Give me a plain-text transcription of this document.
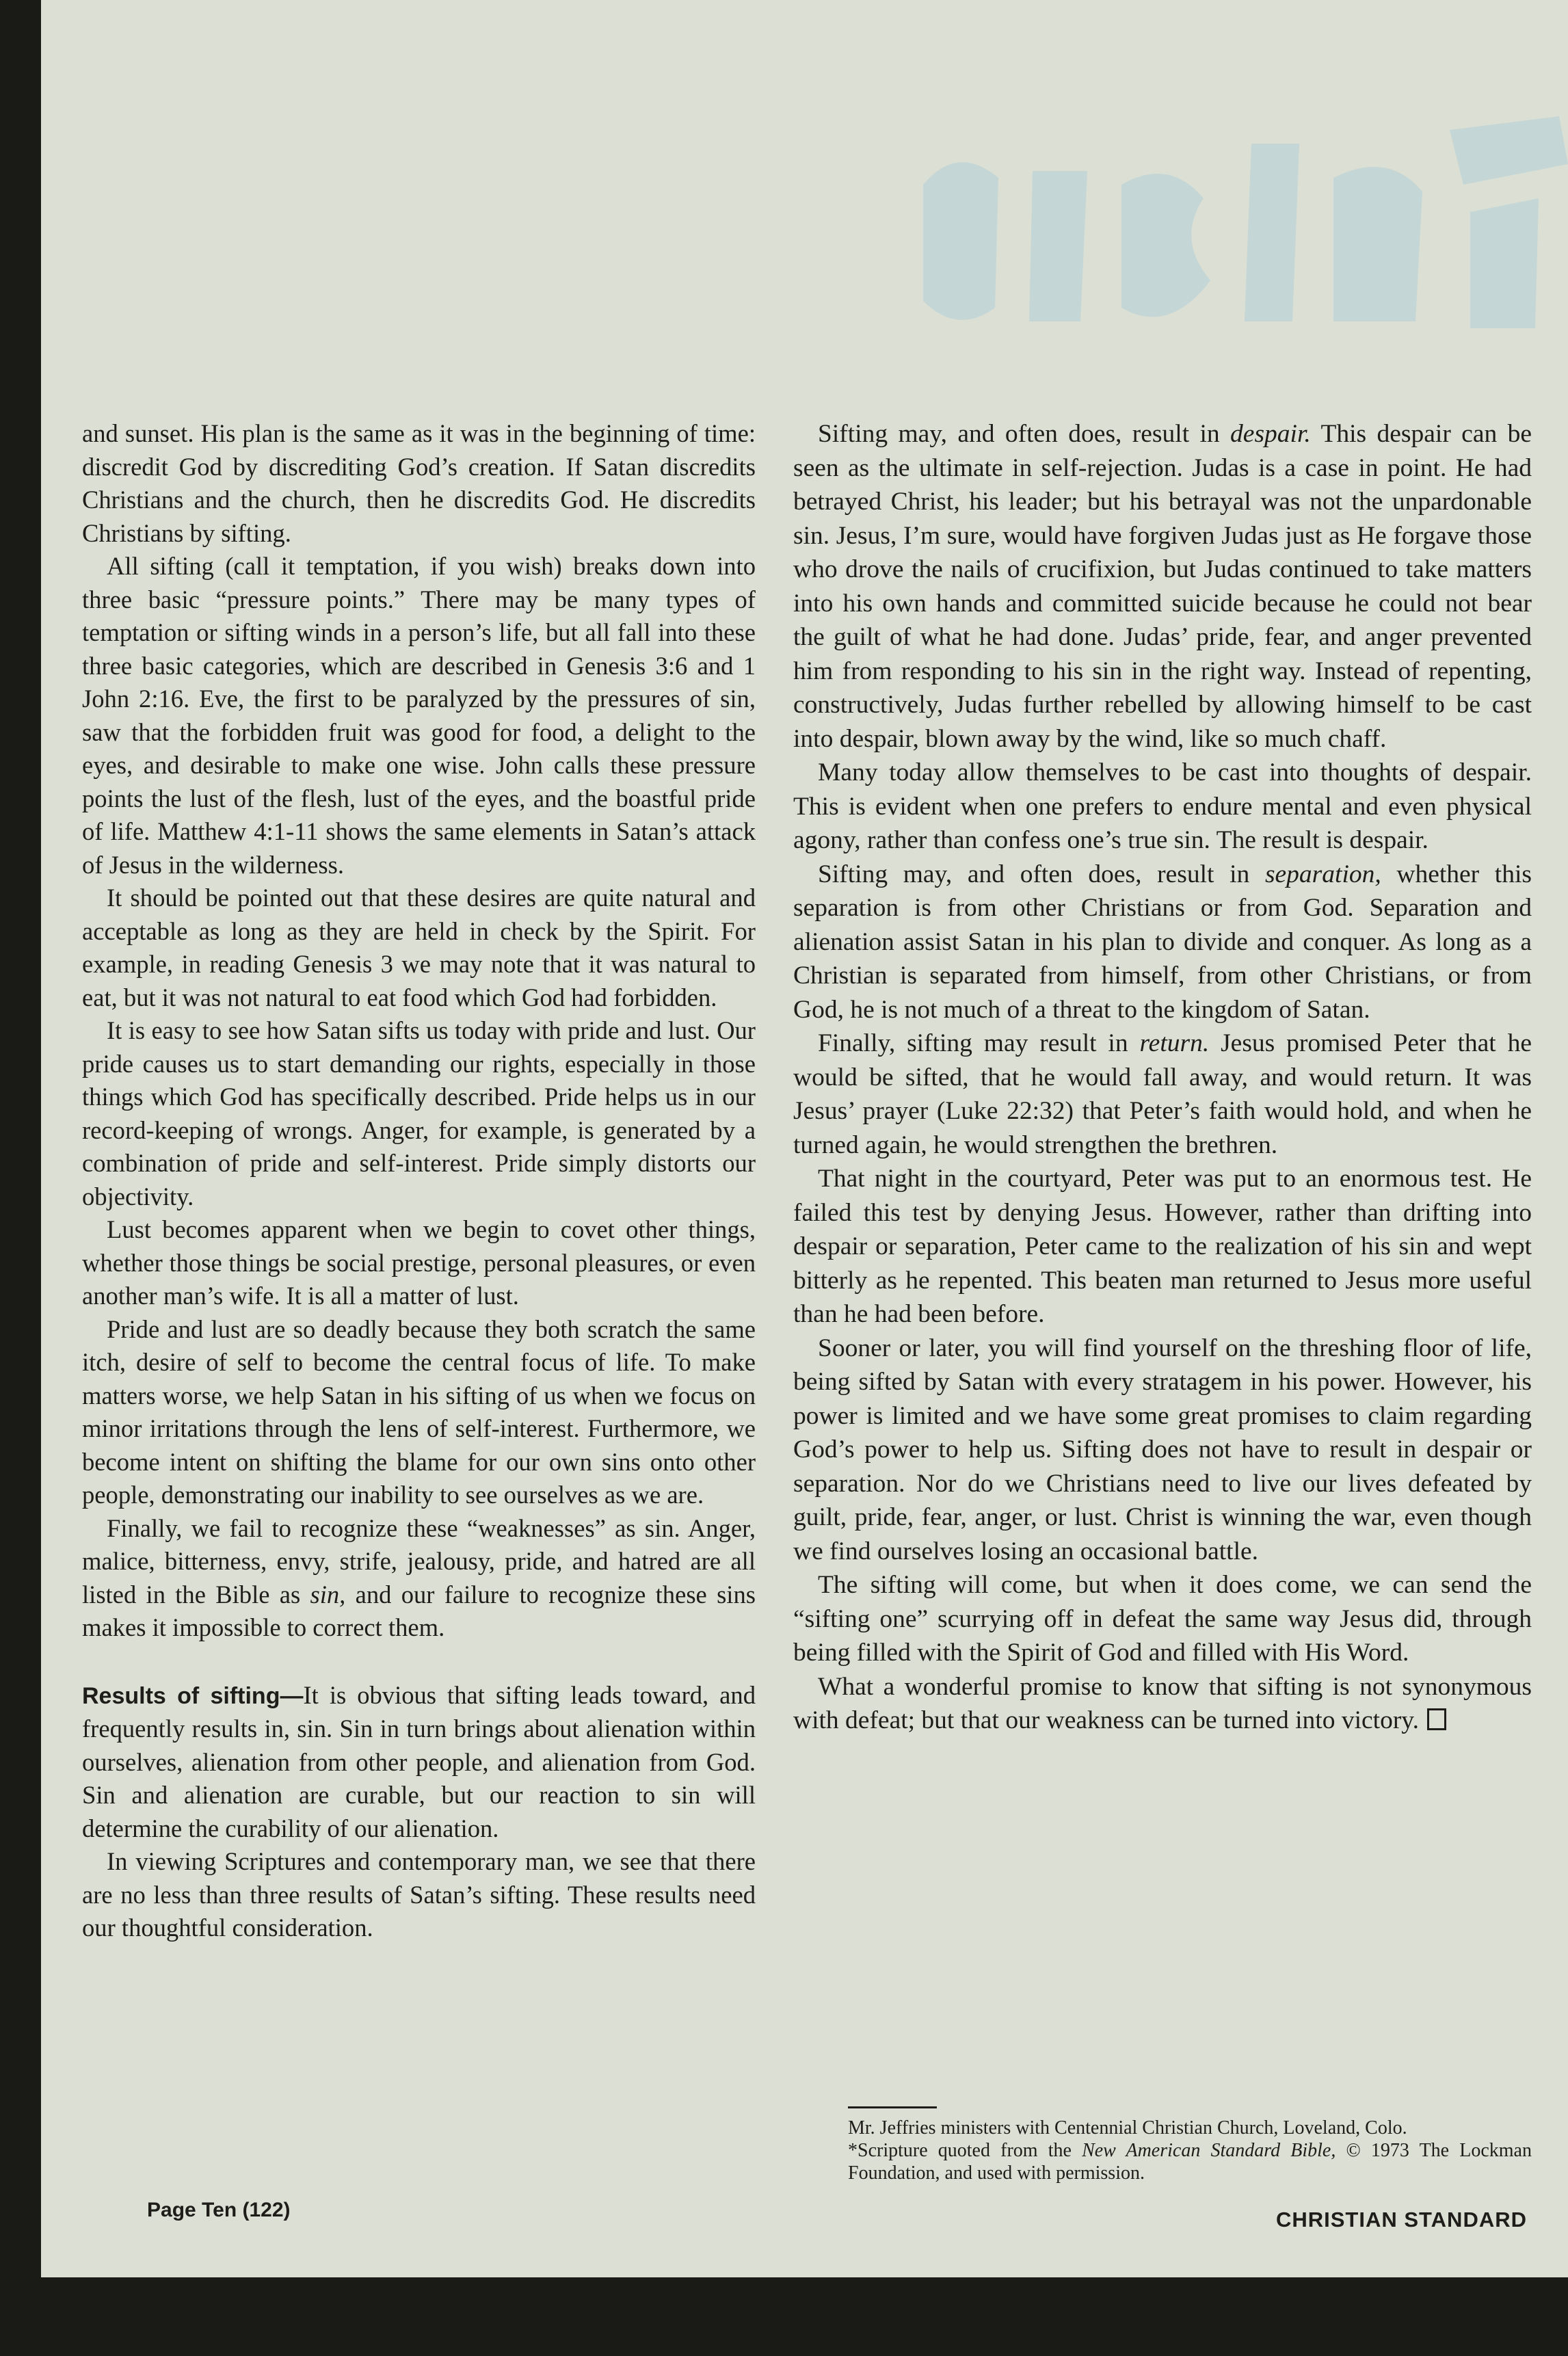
and sunset. His plan is the same as it was in the beginning of time: discredit God by discrediting God’s creation. If Satan discredits Christians and the church, then he discredits God. He discredits Christians by sifting.

All sifting (call it temptation, if you wish) breaks down into three basic “pressure points.” There may be many types of temptation or sifting winds in a person’s life, but all fall into these three basic categories, which are described in Genesis 3:6 and 1 John 2:16. Eve, the first to be paralyzed by the pressures of sin, saw that the forbidden fruit was good for food, a delight to the eyes, and desirable to make one wise. John calls these pressure points the lust of the flesh, lust of the eyes, and the boastful pride of life. Matthew 4:1-11 shows the same elements in Satan’s attack of Jesus in the wilderness.

It should be pointed out that these desires are quite natural and acceptable as long as they are held in check by the Spirit. For example, in reading Genesis 3 we may note that it was natural to eat, but it was not natural to eat food which God had forbidden.

It is easy to see how Satan sifts us today with pride and lust. Our pride causes us to start demanding our rights, especially in those things which God has specifically described. Pride helps us in our record-keeping of wrongs. Anger, for example, is generated by a combination of pride and self-interest. Pride simply distorts our objectivity.

Lust becomes apparent when we begin to covet other things, whether those things be social prestige, personal pleasures, or even another man’s wife. It is all a matter of lust.

Pride and lust are so deadly because they both scratch the same itch, desire of self to become the central focus of life. To make matters worse, we help Satan in his sifting of us when we focus on minor irritations through the lens of self-interest. Furthermore, we become intent on shifting the blame for our own sins onto other people, demonstrating our inability to see ourselves as we are.

Finally, we fail to recognize these “weaknesses” as sin. Anger, malice, bitterness, envy, strife, jealousy, pride, and hatred are all listed in the Bible as sin, and our failure to recognize these sins makes it impossible to correct them.

Results of sifting—It is obvious that sifting leads toward, and frequently results in, sin. Sin in turn brings about alienation within ourselves, alienation from other people, and alienation from God. Sin and alienation are curable, but our reaction to sin will determine the curability of our alienation.

In viewing Scriptures and contemporary man, we see that there are no less than three results of Satan’s sifting. These results need our thoughtful consideration.

Sifting may, and often does, result in despair. This despair can be seen as the ultimate in self-rejection. Judas is a case in point. He had betrayed Christ, his leader; but his betrayal was not the unpardonable sin. Jesus, I’m sure, would have forgiven Judas just as He forgave those who drove the nails of crucifixion, but Judas continued to take matters into his own hands and committed suicide because he could not bear the guilt of what he had done. Judas’ pride, fear, and anger prevented him from responding to his sin in the right way. Instead of repenting, constructively, Judas further rebelled by allowing himself to be cast into despair, blown away by the wind, like so much chaff.

Many today allow themselves to be cast into thoughts of despair. This is evident when one prefers to endure mental and even physical agony, rather than confess one’s true sin. The result is despair.

Sifting may, and often does, result in separation, whether this separation is from other Christians or from God. Separation and alienation assist Satan in his plan to divide and conquer. As long as a Christian is separated from himself, from other Christians, or from God, he is not much of a threat to the kingdom of Satan.

Finally, sifting may result in return. Jesus promised Peter that he would be sifted, that he would fall away, and would return. It was Jesus’ prayer (Luke 22:32) that Peter’s faith would hold, and when he turned again, he would strengthen the brethren.

That night in the courtyard, Peter was put to an enormous test. He failed this test by denying Jesus. However, rather than drifting into despair or separation, Peter came to the realization of his sin and wept bitterly as he repented. This beaten man returned to Jesus more useful than he had been before.

Sooner or later, you will find yourself on the threshing floor of life, being sifted by Satan with every stratagem in his power. However, his power is limited and we have some great promises to claim regarding God’s power to help us. Sifting does not have to result in despair or separation. Nor do we Christians need to live our lives defeated by guilt, pride, fear, anger, or lust. Christ is winning the war, even though we find ourselves losing an occasional battle.

The sifting will come, but when it does come, we can send the “sifting one” scurrying off in defeat the same way Jesus did, through being filled with the Spirit of God and filled with His Word.

What a wonderful promise to know that sifting is not synonymous with defeat; but that our weakness can be turned into victory.

Mr. Jeffries ministers with Centennial Christian Church, Loveland, Colo.

*Scripture quoted from the New American Standard Bible, © 1973 The Lockman Foundation, and used with permission.

Page Ten (122)	CHRISTIAN STANDARD
